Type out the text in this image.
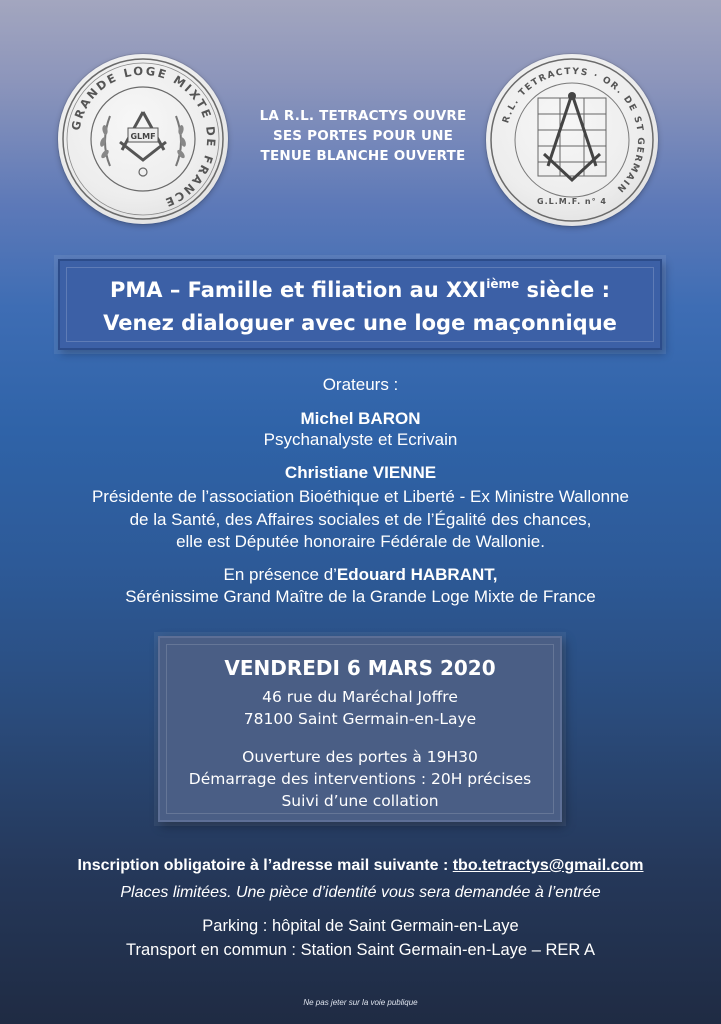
GRANDE LOGE MIXTE DE FRANCE
GLMF
LA R.L. TETRACTYS OUVRE
SES PORTES POUR UNE
TENUE BLANCHE OUVERTE
R.L. TETRACTYS · OR. DE ST GERMAIN
G.L.M.F. n° 4
PMA – Famille et filiation au XXIième siècle :
Venez dialoguer avec une loge maçonnique
Orateurs :
Michel BARON
Psychanalyste et Ecrivain
Christiane VIENNE
Présidente de l’association Bioéthique et Liberté - Ex Ministre Wallonne
de la Santé, des Affaires sociales et de l’Égalité des chances,
elle est Députée honoraire Fédérale de Wallonie.
En présence d’Edouard HABRANT,
Sérénissime Grand Maître de la Grande Loge Mixte de France
VENDREDI 6 MARS 2020
46 rue du Maréchal Joffre
78100 Saint Germain-en-Laye
Ouverture des portes à 19H30
Démarrage des interventions : 20H précises
Suivi d’une collation
Inscription obligatoire à l’adresse mail suivante : tbo.tetractys@gmail.com
Places limitées. Une pièce d’identité vous sera demandée à l’entrée
Parking : hôpital de Saint Germain-en-Laye
Transport en commun : Station Saint Germain-en-Laye – RER A
Ne pas jeter sur la voie publique
